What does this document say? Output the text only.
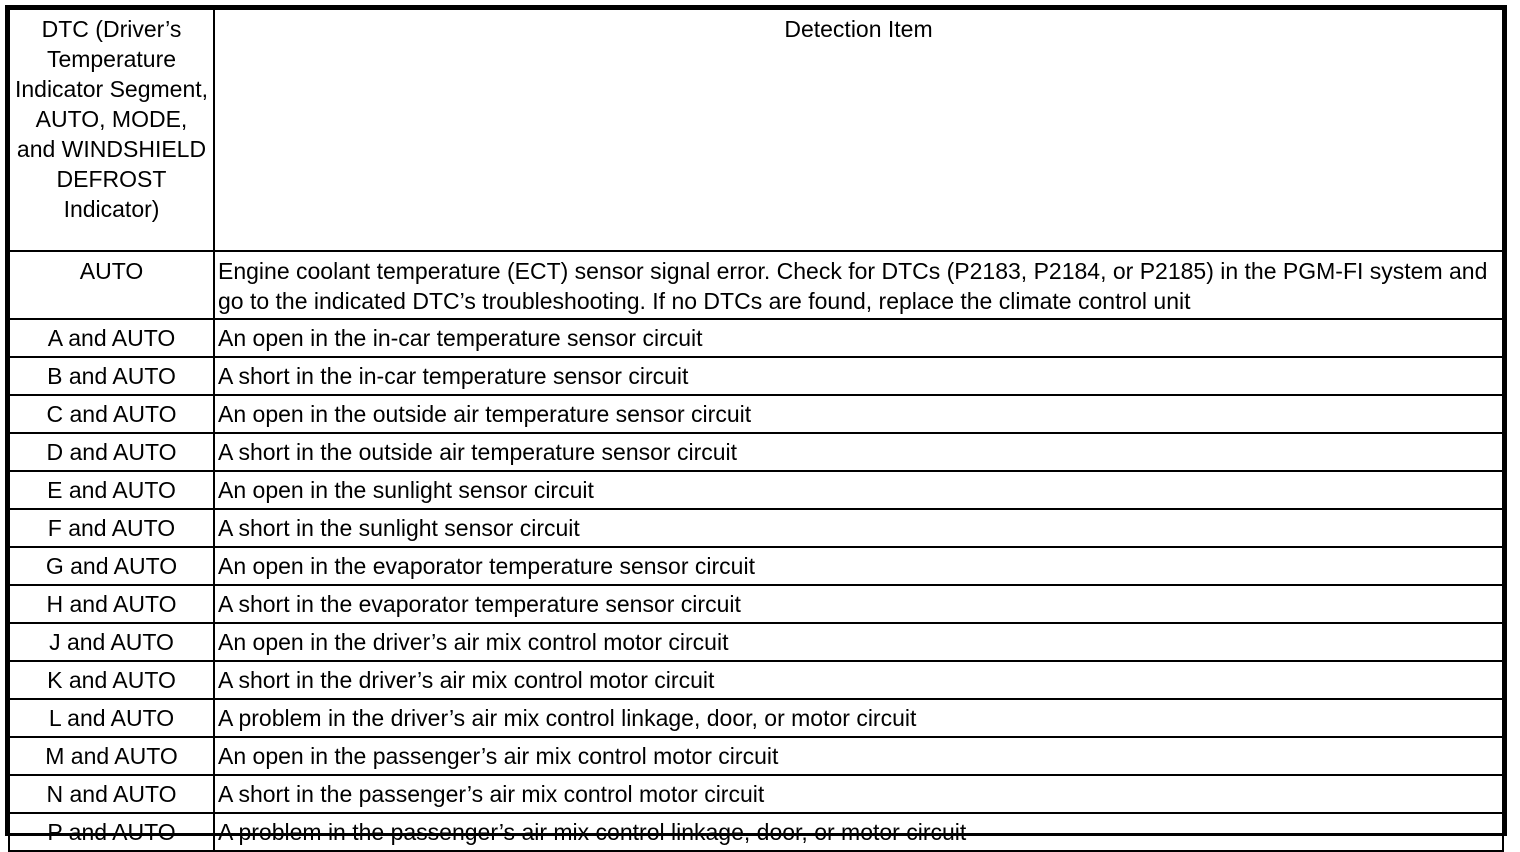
DTC (Driver’s Temperature Indicator Segment, AUTO, MODE, and WINDSHIELD DEFROST Indicator)	Detection Item
AUTO	Engine coolant temperature (ECT) sensor signal error. Check for DTCs (P2183, P2184, or P2185) in the PGM-FI system and go to the indicated DTC’s troubleshooting. If no DTCs are found, replace the climate control unit
A and AUTO	An open in the in-car temperature sensor circuit
B and AUTO	A short in the in-car temperature sensor circuit
C and AUTO	An open in the outside air temperature sensor circuit
D and AUTO	A short in the outside air temperature sensor circuit
E and AUTO	An open in the sunlight sensor circuit
F and AUTO	A short in the sunlight sensor circuit
G and AUTO	An open in the evaporator temperature sensor circuit
H and AUTO	A short in the evaporator temperature sensor circuit
J and AUTO	An open in the driver’s air mix control motor circuit
K and AUTO	A short in the driver’s air mix control motor circuit
L and AUTO	A problem in the driver’s air mix control linkage, door, or motor circuit
M and AUTO	An open in the passenger’s air mix control motor circuit
N and AUTO	A short in the passenger’s air mix control motor circuit
P and AUTO	A problem in the passenger’s air mix control linkage, door, or motor circuit
